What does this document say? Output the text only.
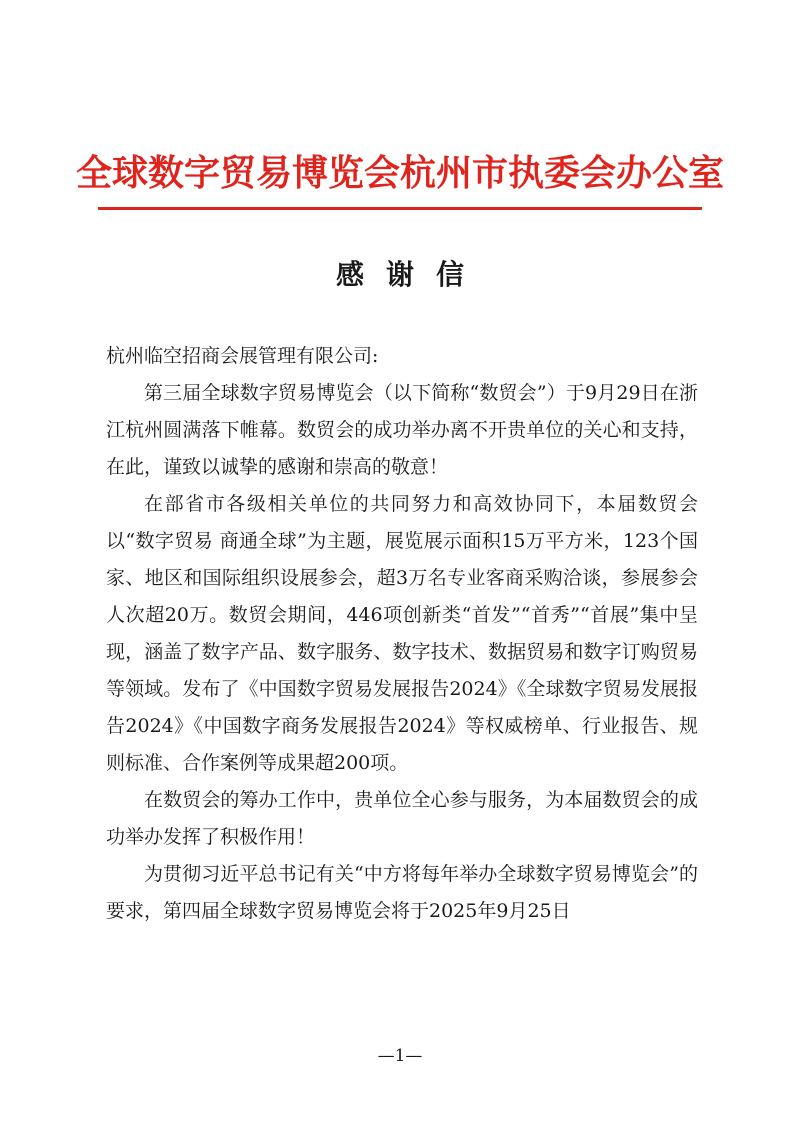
全球数字贸易博览会杭州市执委会办公室
感谢信

杭州临空招商会展管理有限公司:

第三届全球数字贸易博览会（以下简称“数贸会”）于9月29日在浙江杭州圆满落下帷幕。数贸会的成功举办离不开贵单位的关心和支持，在此，谨致以诚挚的感谢和崇高的敬意！

在部省市各级相关单位的共同努力和高效协同下，本届数贸会以“数字贸易 商通全球”为主题，展览展示面积15万平方米，123个国家、地区和国际组织设展参会，超3万名专业客商采购洽谈，参展参会人次超20万。数贸会期间，446项创新类“首发”“首秀”“首展”集中呈现，涵盖了数字产品、数字服务、数字技术、数据贸易和数字订购贸易等领域。发布了《中国数字贸易发展报告2024》《全球数字贸易发展报告2024》《中国数字商务发展报告2024》等权威榜单、行业报告、规则标准、合作案例等成果超200项。

在数贸会的筹办工作中，贵单位全心参与服务，为本届数贸会的成功举办发挥了积极作用！

为贯彻习近平总书记有关“中方将每年举办全球数字贸易博览会”的要求，第四届全球数字贸易博览会将于2025年9月25日

—1—
